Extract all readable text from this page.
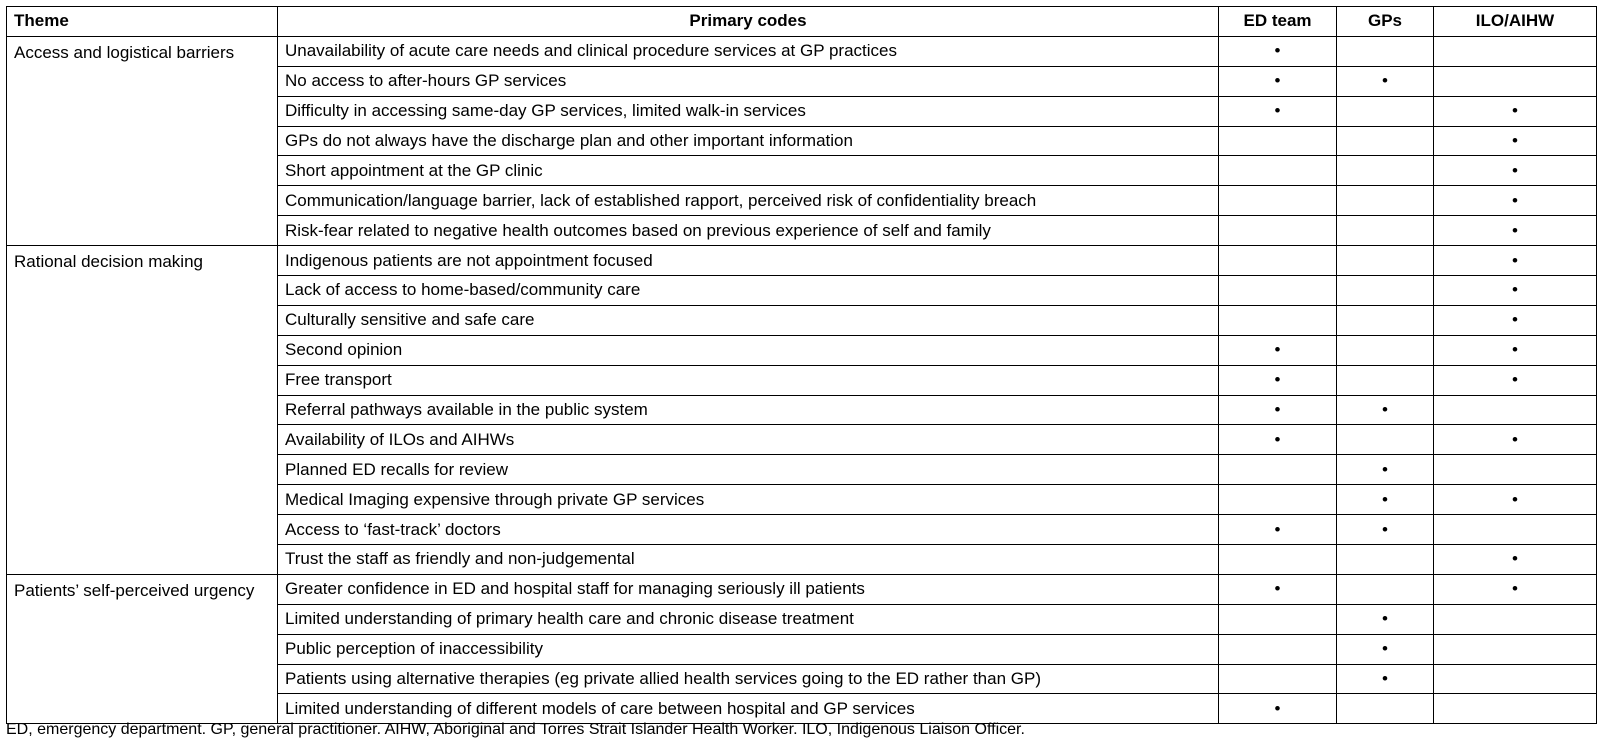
Theme	Primary codes	ED team	GPs	ILO/AIHW
Access and logistical barriers	Unavailability of acute care needs and clinical procedure services at GP practices	•		
	No access to after-hours GP services	•	•	
	Difficulty in accessing same-day GP services, limited walk-in services	•		•
	GPs do not always have the discharge plan and other important information			•
	Short appointment at the GP clinic			•
	Communication/language barrier, lack of established rapport, perceived risk of confidentiality breach			•
	Risk-fear related to negative health outcomes based on previous experience of self and family			•
Rational decision making	Indigenous patients are not appointment focused			•
	Lack of access to home-based/community care			•
	Culturally sensitive and safe care			•
	Second opinion	•		•
	Free transport	•		•
	Referral pathways available in the public system	•	•	
	Availability of ILOs and AIHWs	•		•
	Planned ED recalls for review		•	
	Medical Imaging expensive through private GP services		•	•
	Access to ‘fast-track’ doctors	•	•	
	Trust the staff as friendly and non-judgemental			•
Patients’ self-perceived urgency	Greater confidence in ED and hospital staff for managing seriously ill patients	•		•
	Limited understanding of primary health care and chronic disease treatment		•	
	Public perception of inaccessibility		•	
	Patients using alternative therapies (eg private allied health services going to the ED rather than GP)		•	
	Limited understanding of different models of care between hospital and GP services	•		
ED, emergency department. GP, general practitioner. AIHW, Aboriginal and Torres Strait Islander Health Worker. ILO, Indigenous Liaison Officer.
